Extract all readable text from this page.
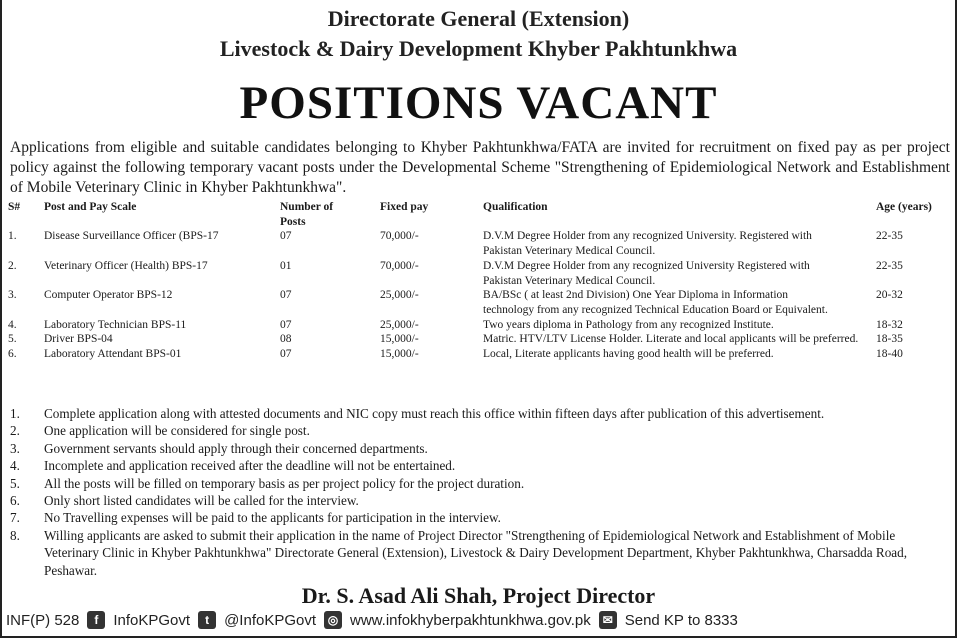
Directorate General (Extension)
Livestock & Dairy Development Khyber Pakhtunkhwa
POSITIONS VACANT
Applications from eligible and suitable candidates belonging to Khyber Pakhtunkhwa/FATA are invited for recruitment on fixed pay as per project policy against the following temporary vacant posts under the Developmental Scheme "Strengthening of Epidemiological Network and Establishment of Mobile Veterinary Clinic in Khyber Pakhtunkhwa".
S#	Post and Pay Scale	Number of Posts	Fixed pay	Qualification	Age (years)
1.	Disease Surveillance Officer (BPS-17	07	70,000/-	D.V.M Degree Holder from any recognized University. Registered with Pakistan Veterinary Medical Council.	22-35
2.	Veterinary Officer (Health) BPS-17	01	70,000/-	D.V.M Degree Holder from any recognized University Registered with Pakistan Veterinary Medical Council.	22-35
3.	Computer Operator BPS-12	07	25,000/-	BA/BSc ( at least 2nd Division) One Year Diploma in Information technology from any recognized Technical Education Board or Equivalent.	20-32
4.	Laboratory Technician BPS-11	07	25,000/-	Two years diploma in Pathology from any recognized Institute.	18-32
5.	Driver BPS-04	08	15,000/-	Matric. HTV/LTV License Holder. Literate and local applicants will be preferred.	18-35
6.	Laboratory Attendant BPS-01	07	15,000/-	Local, Literate applicants having good health will be preferred.	18-40
1.	Complete application along with attested documents and NIC copy must reach this office within fifteen days after publication of this advertisement.
2.	One application will be considered for single post.
3.	Government servants should apply through their concerned departments.
4.	Incomplete and application received after the deadline will not be entertained.
5.	All the posts will be filled on temporary basis as per project policy for the project duration.
6.	Only short listed candidates will be called for the interview.
7.	No Travelling expenses will be paid to the applicants for participation in the interview.
8.	Willing applicants are asked to submit their application in the name of Project Director "Strengthening of Epidemiological Network and Establishment of Mobile Veterinary Clinic in Khyber Pakhtunkhwa" Directorate General (Extension), Livestock & Dairy Development Department, Khyber Pakhtunkhwa, Charsadda Road, Peshawar.
Dr. S. Asad Ali Shah, Project Director
INF(P) 528	f	InfoKPGovt	t	@InfoKPGovt ◎ www.infokhyberpakhtunkhwa.gov.pk ✉ Send KP to 8333
